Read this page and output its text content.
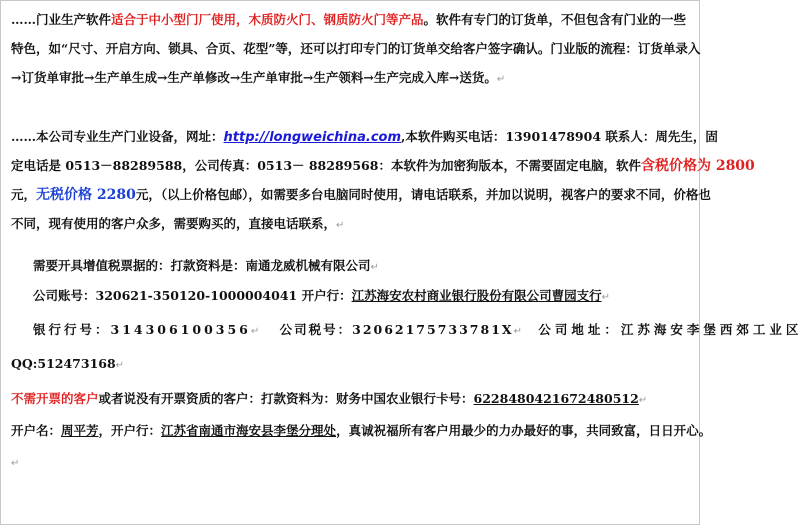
……门业生产软件适合于中小型门厂使用，木质防火门、钢质防火门等产品。软件有专门的订货单，不但包含有门业的一些
特色，如“尺寸、开启方向、锁具、合页、花型”等，还可以打印专门的订货单交给客户签字确认。门业版的流程：订货单录入
→订货单审批→生产单生成→生产单修改→生产单审批→生产领料→生产完成入库→送货。↵
……本公司专业生产门业设备，网址：http://longweichina.com,本软件购买电话：13901478904 联系人：周先生，固
定电话是 0513－88289588，公司传真：0513－ 88289568：本软件为加密狗版本，不需要固定电脑，软件含税价格为 2800
元，无税价格 2280元，（以上价格包邮），如需要多台电脑同时使用，请电话联系，并加以说明，视客户的要求不同，价格也
不同，现有使用的客户众多，需要购买的，直接电话联系，↵
需要开具增值税票据的：打款资料是：南通龙威机械有限公司↵
公司账号：320621-350120-1000004041 开户行：江苏海安农村商业银行股份有限公司曹园支行↵
银行行号：314306100356↵ 公司税号：32062175733781X↵ 公司地址：江苏海安李堡西郊工业区
QQ:512473168↵
不需开票的客户或者说没有开票资质的客户：打款资料为：财务中国农业银行卡号：6228480421672480512↵
开户名：周平芳，开户行：江苏省南通市海安县李堡分理处，真诚祝福所有客户用最少的力办最好的事，共同致富，日日开心。
↵
